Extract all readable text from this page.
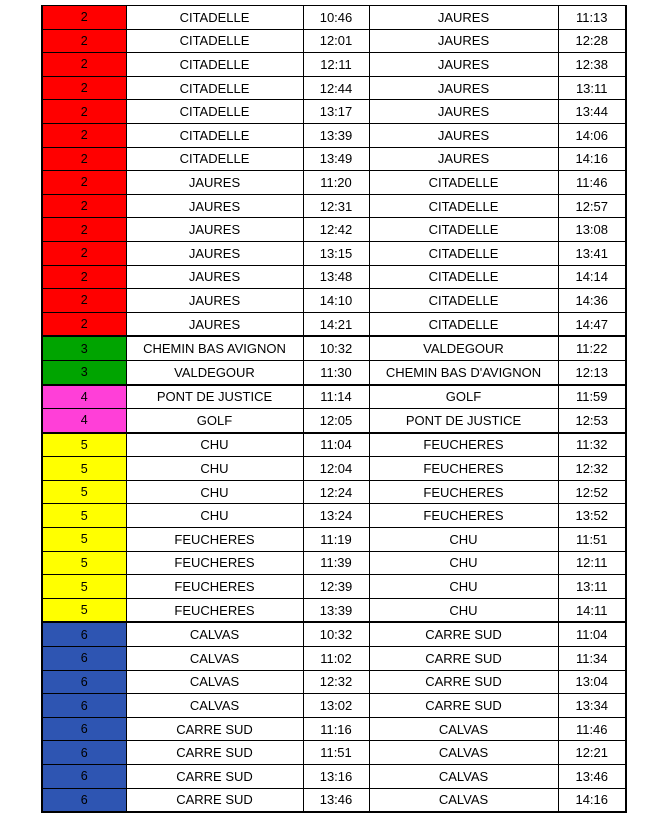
2	CITADELLE	10:46	JAURES	11:13
2	CITADELLE	12:01	JAURES	12:28
2	CITADELLE	12:11	JAURES	12:38
2	CITADELLE	12:44	JAURES	13:11
2	CITADELLE	13:17	JAURES	13:44
2	CITADELLE	13:39	JAURES	14:06
2	CITADELLE	13:49	JAURES	14:16
2	JAURES	11:20	CITADELLE	11:46
2	JAURES	12:31	CITADELLE	12:57
2	JAURES	12:42	CITADELLE	13:08
2	JAURES	13:15	CITADELLE	13:41
2	JAURES	13:48	CITADELLE	14:14
2	JAURES	14:10	CITADELLE	14:36
2	JAURES	14:21	CITADELLE	14:47
3	CHEMIN BAS AVIGNON	10:32	VALDEGOUR	11:22
3	VALDEGOUR	11:30	CHEMIN BAS D'AVIGNON	12:13
4	PONT DE JUSTICE	11:14	GOLF	11:59
4	GOLF	12:05	PONT DE JUSTICE	12:53
5	CHU	11:04	FEUCHERES	11:32
5	CHU	12:04	FEUCHERES	12:32
5	CHU	12:24	FEUCHERES	12:52
5	CHU	13:24	FEUCHERES	13:52
5	FEUCHERES	11:19	CHU	11:51
5	FEUCHERES	11:39	CHU	12:11
5	FEUCHERES	12:39	CHU	13:11
5	FEUCHERES	13:39	CHU	14:11
6	CALVAS	10:32	CARRE SUD	11:04
6	CALVAS	11:02	CARRE SUD	11:34
6	CALVAS	12:32	CARRE SUD	13:04
6	CALVAS	13:02	CARRE SUD	13:34
6	CARRE SUD	11:16	CALVAS	11:46
6	CARRE SUD	11:51	CALVAS	12:21
6	CARRE SUD	13:16	CALVAS	13:46
6	CARRE SUD	13:46	CALVAS	14:16
